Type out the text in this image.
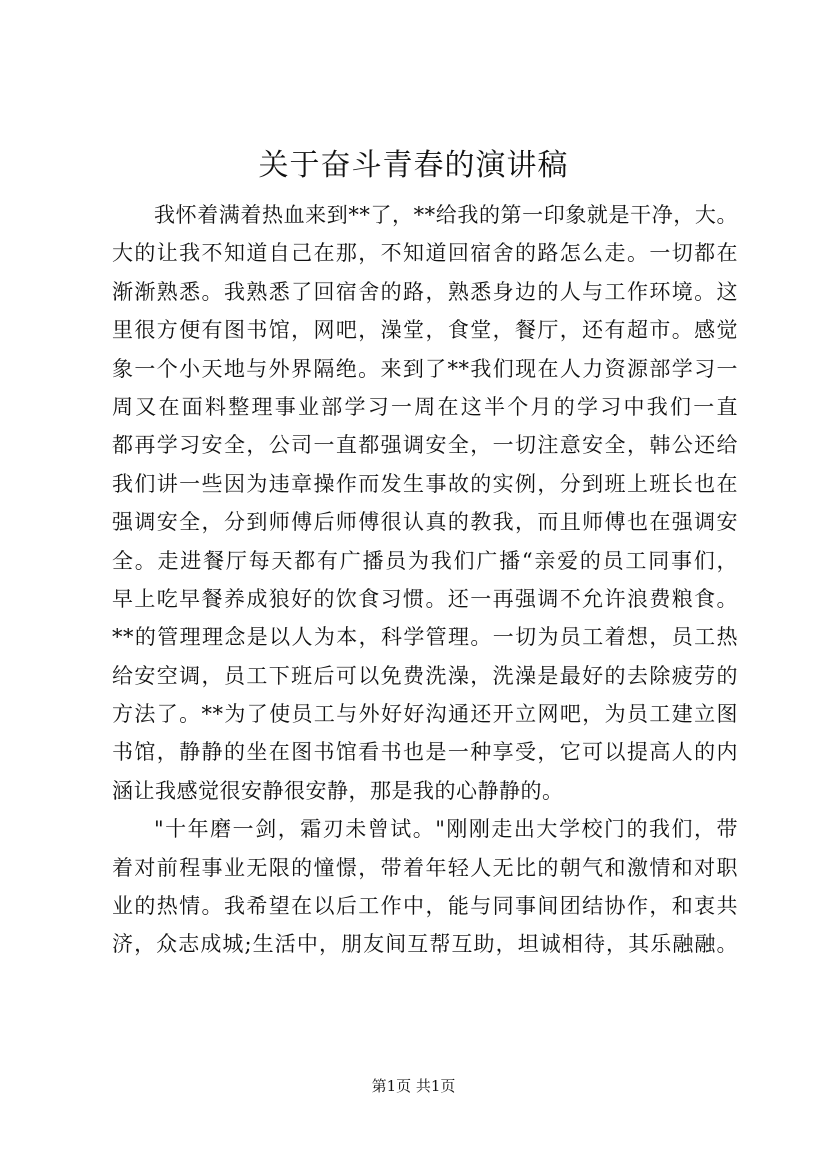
关于奋斗青春的演讲稿
我怀着满着热血来到**了，**给我的第一印象就是干净，大。
大的让我不知道自己在那，不知道回宿舍的路怎么走。一切都在
渐渐熟悉。我熟悉了回宿舍的路，熟悉身边的人与工作环境。这
里很方便有图书馆，网吧，澡堂，食堂，餐厅，还有超市。感觉
象一个小天地与外界隔绝。来到了**我们现在人力资源部学习一
周又在面料整理事业部学习一周在这半个月的学习中我们一直
都再学习安全，公司一直都强调安全，一切注意安全，韩公还给
我们讲一些因为违章操作而发生事故的实例，分到班上班长也在
强调安全，分到师傅后师傅很认真的教我，而且师傅也在强调安
全。走进餐厅每天都有广播员为我们广播“亲爱的员工同事们，
早上吃早餐养成狼好的饮食习惯。还一再强调不允许浪费粮食。
**的管理理念是以人为本，科学管理。一切为员工着想，员工热
给安空调，员工下班后可以免费洗澡，洗澡是最好的去除疲劳的
方法了。**为了使员工与外好好沟通还开立网吧，为员工建立图
书馆，静静的坐在图书馆看书也是一种享受，它可以提高人的内
涵让我感觉很安静很安静，那是我的心静静的。
"十年磨一剑，霜刃未曾试。"刚刚走出大学校门的我们，带
着对前程事业无限的憧憬，带着年轻人无比的朝气和激情和对职
业的热情。我希望在以后工作中，能与同事间团结协作，和衷共
济，众志成城;生活中，朋友间互帮互助，坦诚相待，其乐融融。
第1页 共1页
